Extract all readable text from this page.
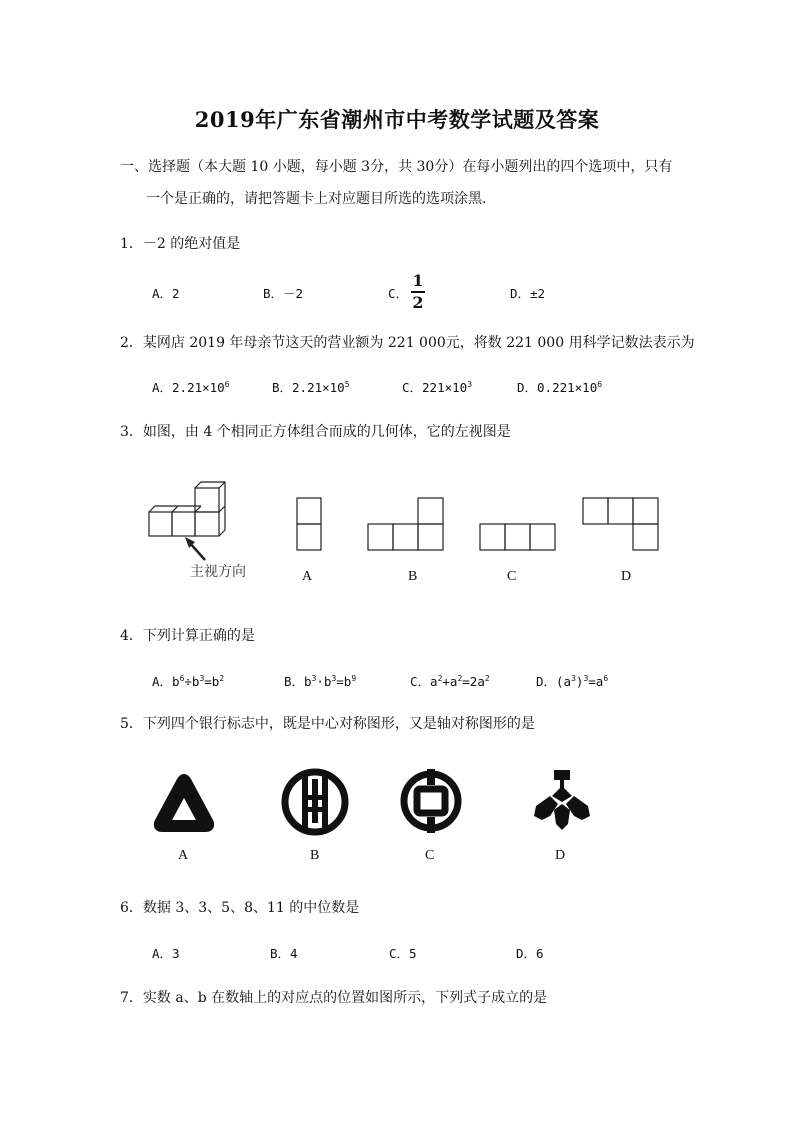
2019年广东省潮州市中考数学试题及答案
一、选择题（本大题 10 小题，每小题 3分，共 30分）在每小题列出的四个选项中，只有
一个是正确的，请把答题卡上对应题目所选的选项涂黑.
1．－2 的绝对值是
A．2	B．－2	C．
1
2	D．±2
2．某网店 2019 年母亲节这天的营业额为 221 000元，将数 221 000 用科学记数法表示为
A．$2.21\times 10^6$	B．$2.21\times 10^5$	C．$221\times 10^3$	D．$0.221\times 10^6$
3．如图，由 4 个相同正方体组合而成的几何体，它的左视图是
主视方向	A	B	C	D
4．下列计算正确的是
A．$b^6\div b^3=b^2$	B．$b^3\cdot b^3=b^9$	C．$a^2+a^2=2a^2$	D．$(a^3)^3=a^6$
5．下列四个银行标志中，既是中心对称图形，又是轴对称图形的是
A	B	C	D
6．数据 3、3、5、8、11 的中位数是
A．3	B．4	C．5	D．6
7．实数 a、b 在数轴上的对应点的位置如图所示，下列式子成立的是
